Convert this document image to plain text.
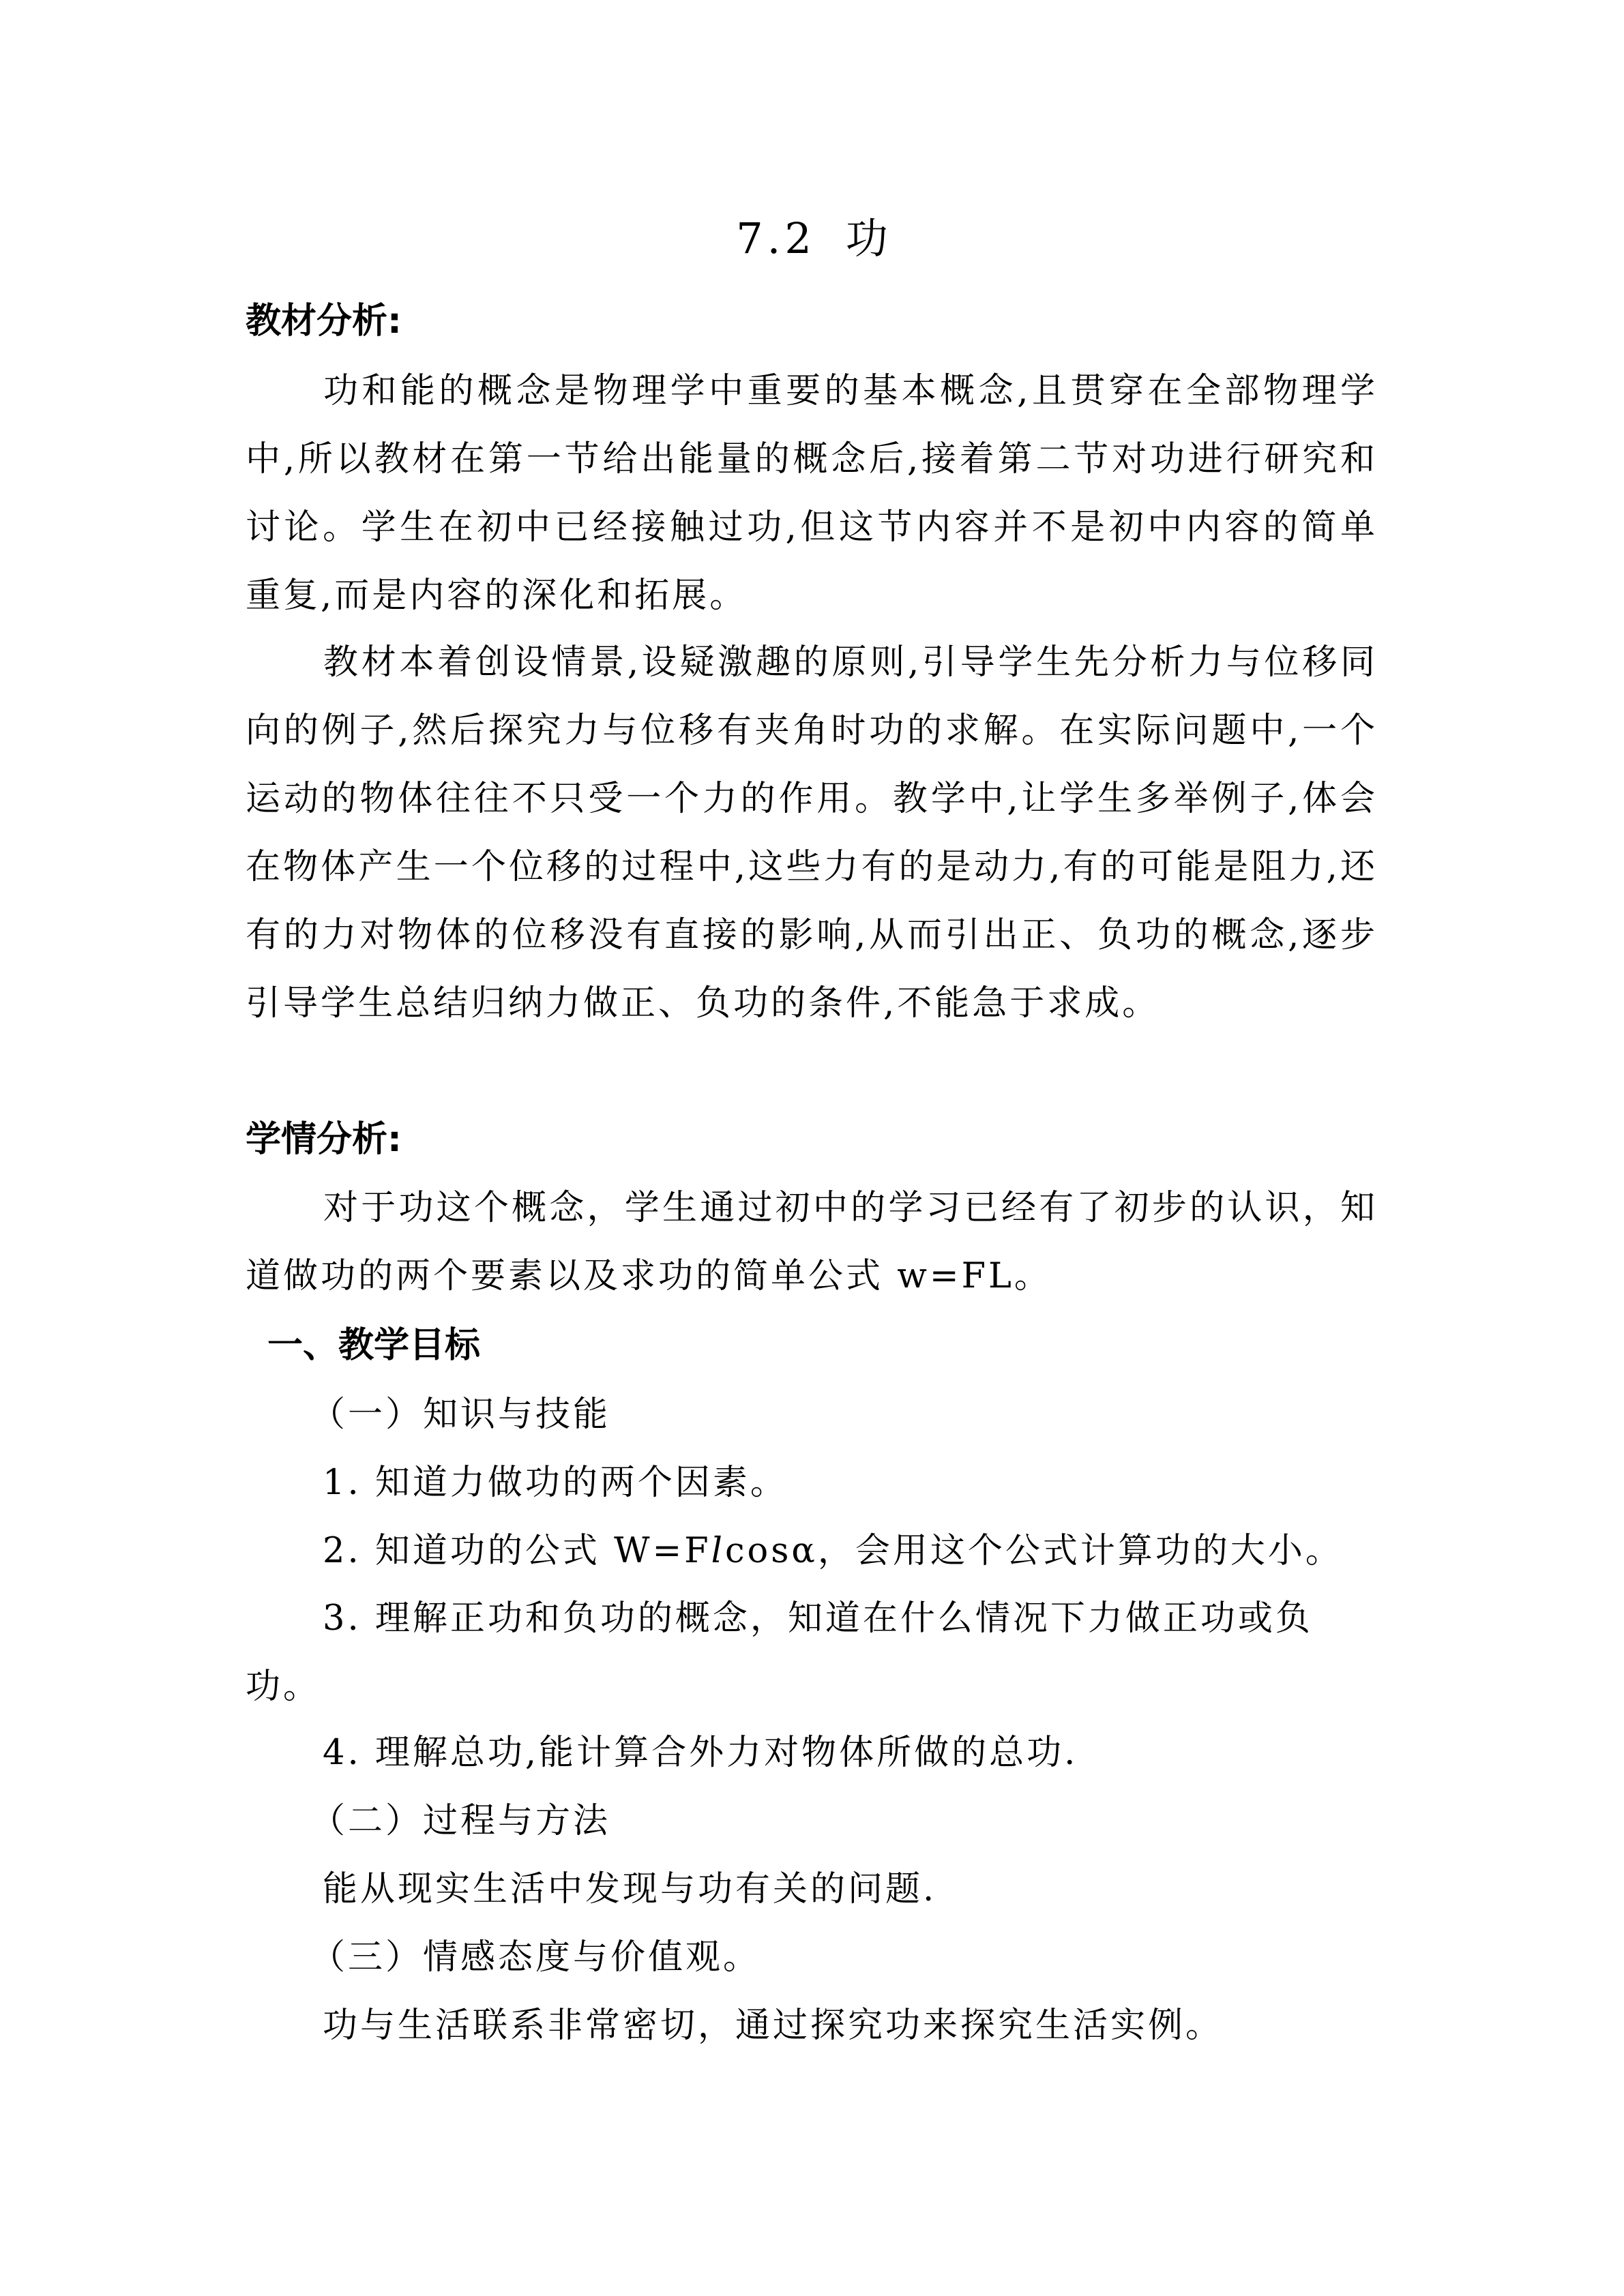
7.2 功
教材分析:
功和能的概念是物理学中重要的基本概念,且贯穿在全部物理学中,所以教材在第一节给出能量的概念后,接着第二节对功进行研究和讨论。学生在初中已经接触过功,但这节内容并不是初中内容的简单重复,而是内容的深化和拓展。
教材本着创设情景,设疑激趣的原则,引导学生先分析力与位移同向的例子,然后探究力与位移有夹角时功的求解。在实际问题中,一个运动的物体往往不只受一个力的作用。教学中,让学生多举例子,体会在物体产生一个位移的过程中,这些力有的是动力,有的可能是阻力,还有的力对物体的位移没有直接的影响,从而引出正、负功的概念,逐步引导学生总结归纳力做正、负功的条件,不能急于求成。
学情分析:
对于功这个概念，学生通过初中的学习已经有了初步的认识，知道做功的两个要素以及求功的简单公式 w=FL。
一、教学目标
（一）知识与技能
1. 知道力做功的两个因素。
2. 知道功的公式 W=Flcosα，会用这个公式计算功的大小。
3. 理解正功和负功的概念，知道在什么情况下力做正功或负功。
4. 理解总功,能计算合外力对物体所做的总功.
（二）过程与方法
能从现实生活中发现与功有关的问题.
（三）情感态度与价值观。
功与生活联系非常密切，通过探究功来探究生活实例。
